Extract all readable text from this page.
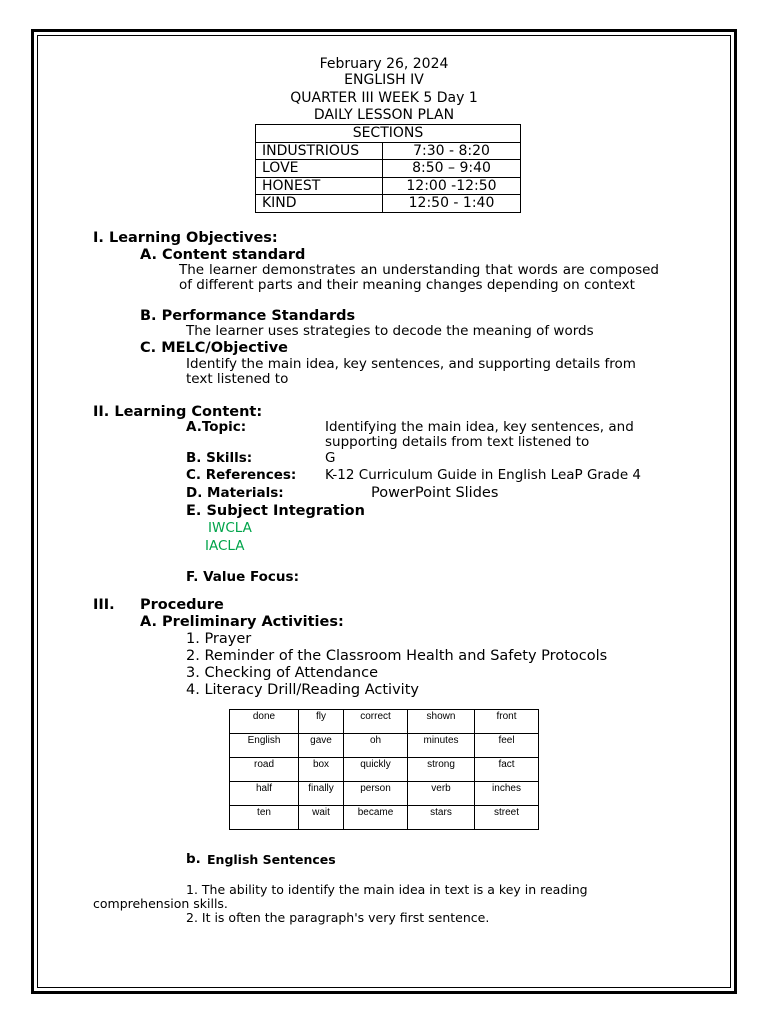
February 26, 2024
ENGLISH IV
QUARTER III WEEK 5 Day 1
DAILY LESSON PLAN
SECTIONS	
INDUSTRIOUS	7:30 - 8:20
LOVE	8:50 – 9:40
HONEST	12:00 -12:50
KIND	12:50 - 1:40
I. Learning Objectives:
A. Content standard
The learner demonstrates an understanding that words are composed of different parts and their meaning changes depending on context
B. Performance Standards
The learner uses strategies to decode the meaning of words
C. MELC/Objective
Identify the main idea, key sentences, and supporting details from text listened to
II. Learning Content:
A.Topic:	Identifying the main idea, key sentences, and
supporting details from text listened to
B. Skills:	G
C. References: K-12 Curriculum Guide in English LeaP Grade 4
D. Materials:	PowerPoint Slides
E. Subject Integration
IWCLA
IACLA
F. Value Focus:
III. Procedure
A. Preliminary Activities:
1. Prayer
2. Reminder of the Classroom Health and Safety Protocols
3. Checking of Attendance
4. Literacy Drill/Reading Activity
done	fly	correct	shown	front
English	gave	oh	minutes	feel
road	box	quickly	strong	fact
half	finally	person	verb	inches
ten	wait	became	stars	street
b. English Sentences
1. The ability to identify the main idea in text is a key in reading
comprehension skills.
2. It is often the paragraph's very first sentence.
